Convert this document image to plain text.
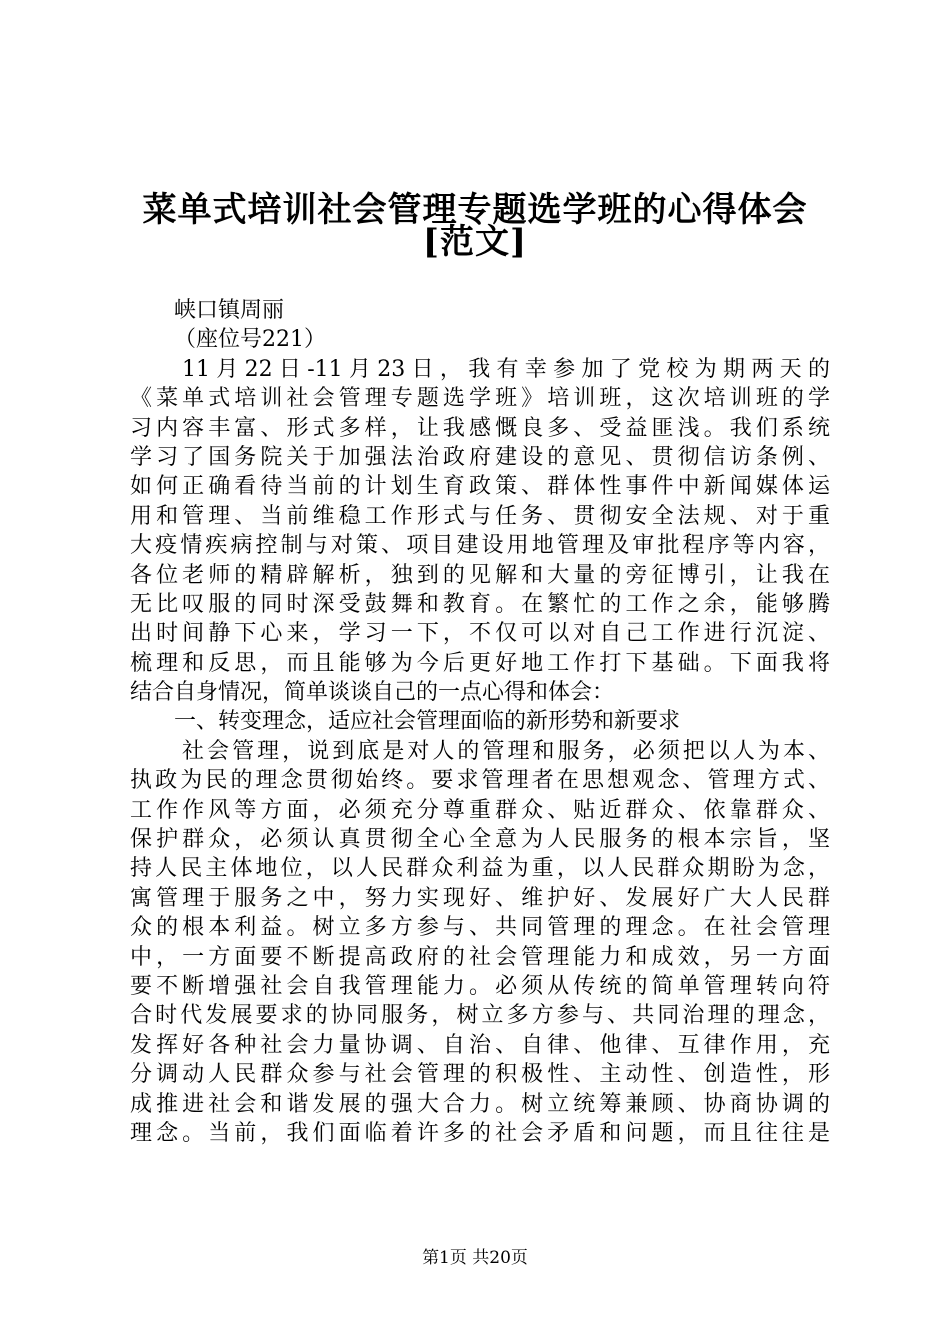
菜单式培训社会管理专题选学班的心得体会
[范文]
峡口镇周丽
（座位号221）
11月22日-11月23日，我有幸参加了党校为期两天的
《菜单式培训社会管理专题选学班》培训班，这次培训班的学
习内容丰富、形式多样，让我感慨良多、受益匪浅。我们系统
学习了国务院关于加强法治政府建设的意见、贯彻信访条例、
如何正确看待当前的计划生育政策、群体性事件中新闻媒体运
用和管理、当前维稳工作形式与任务、贯彻安全法规、对于重
大疫情疾病控制与对策、项目建设用地管理及审批程序等内容，
各位老师的精辟解析，独到的见解和大量的旁征博引，让我在
无比叹服的同时深受鼓舞和教育。在繁忙的工作之余，能够腾
出时间静下心来，学习一下，不仅可以对自己工作进行沉淀、
梳理和反思，而且能够为今后更好地工作打下基础。下面我将
结合自身情况，简单谈谈自己的一点心得和体会：
一、转变理念，适应社会管理面临的新形势和新要求
社会管理，说到底是对人的管理和服务，必须把以人为本、
执政为民的理念贯彻始终。要求管理者在思想观念、管理方式、
工作作风等方面，必须充分尊重群众、贴近群众、依靠群众、
保护群众，必须认真贯彻全心全意为人民服务的根本宗旨，坚
持人民主体地位，以人民群众利益为重，以人民群众期盼为念，
寓管理于服务之中，努力实现好、维护好、发展好广大人民群
众的根本利益。树立多方参与、共同管理的理念。在社会管理
中，一方面要不断提高政府的社会管理能力和成效，另一方面
要不断增强社会自我管理能力。必须从传统的简单管理转向符
合时代发展要求的协同服务，树立多方参与、共同治理的理念，
发挥好各种社会力量协调、自治、自律、他律、互律作用，充
分调动人民群众参与社会管理的积极性、主动性、创造性，形
成推进社会和谐发展的强大合力。树立统筹兼顾、协商协调的
理念。当前，我们面临着许多的社会矛盾和问题，而且往往是
第1页 共20页
